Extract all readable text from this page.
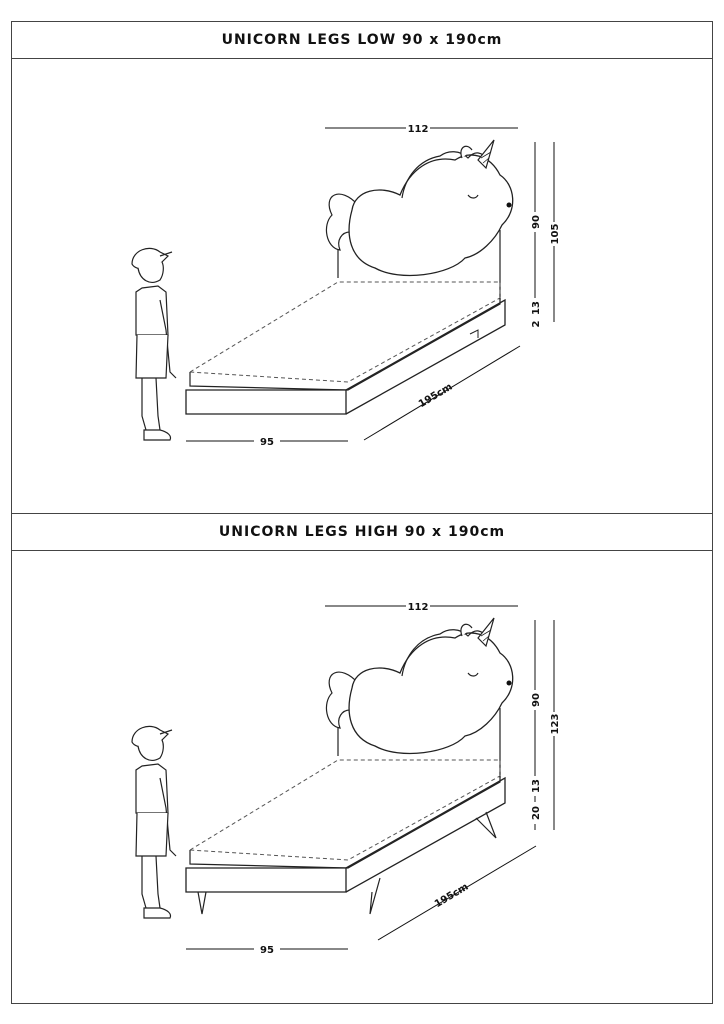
UNICORN LEGS LOW 90 x 190cm
112
90
13
2
105
195cm
95
112
90
13
20
123
195cm
95
UNICORN LEGS HIGH 90 x 190cm
